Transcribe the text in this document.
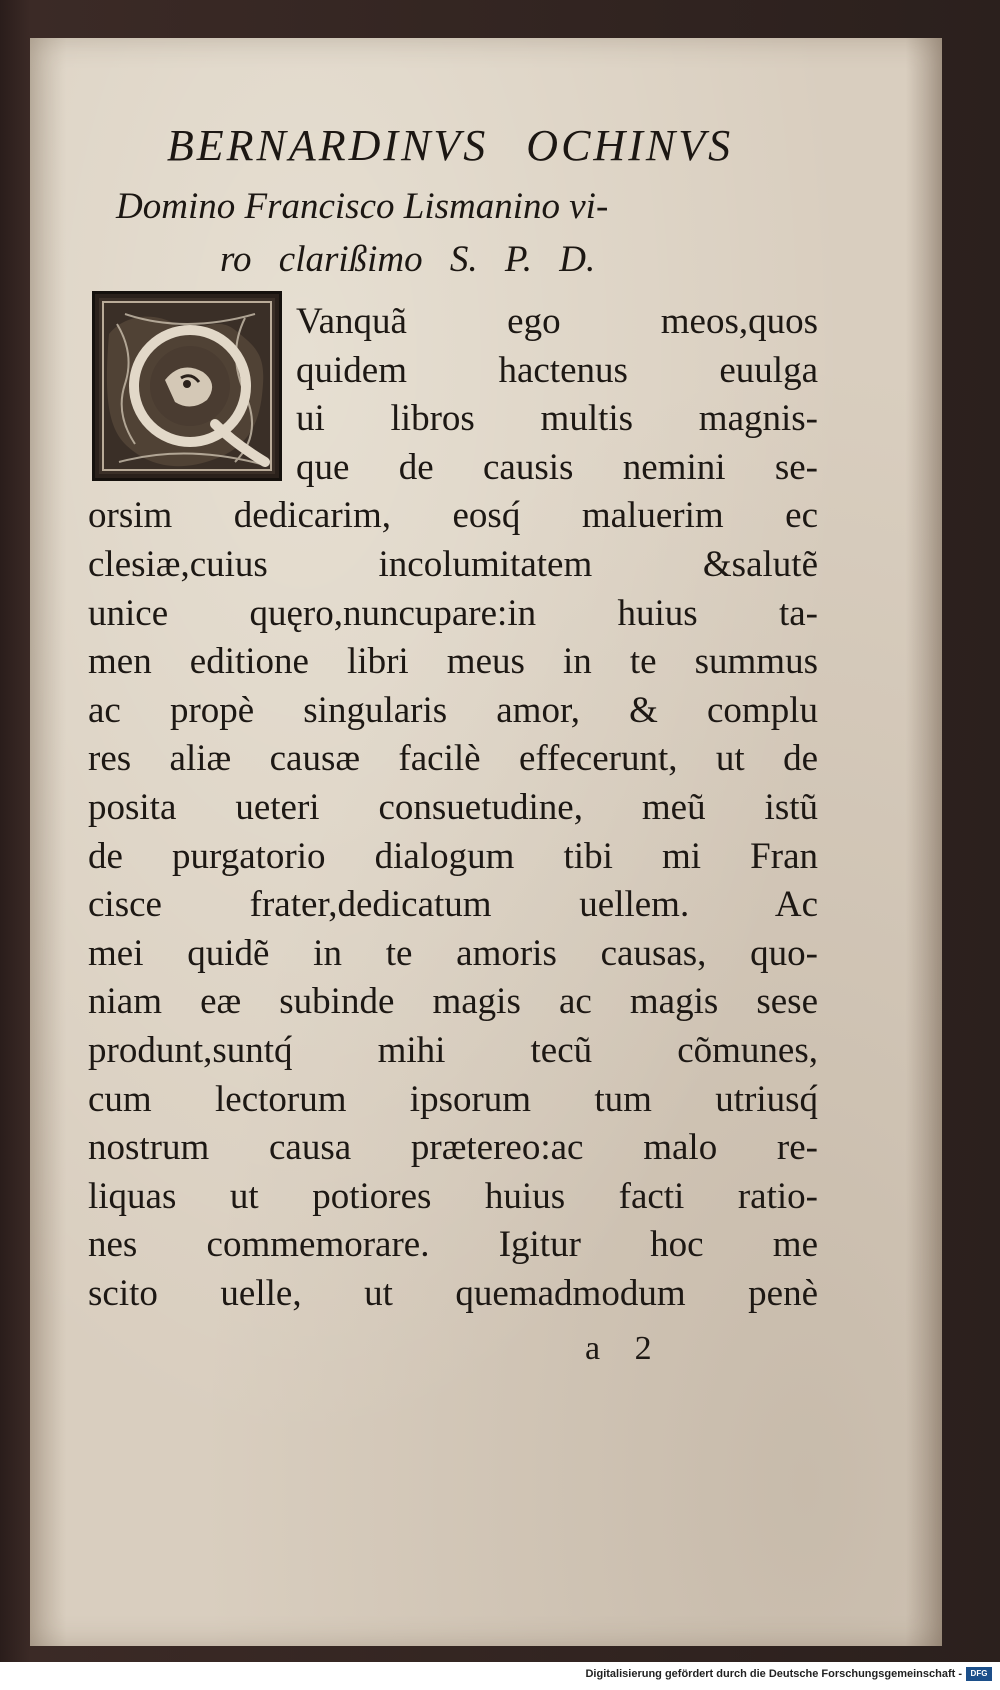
BERNARDINVS OCHINVS
Domino Francisco Lismanino vi-
ro clarißimo S. P. D.
Vanquã ego meos,quos
quidem hactenus euulga
ui libros multis magnis-
que de causis nemini se-
orsim dedicarim, eosq́ maluerim ec
clesiæ,cuius incolumitatem &salutẽ
unice quęro,nuncupare:in huius ta-
men editione libri meus in te summus
ac propè singularis amor, & complu
res aliæ causæ facilè effecerunt, ut de
posita ueteri consuetudine, meũ istũ
de purgatorio dialogum tibi mi Fran
cisce frater,dedicatum uellem. Ac
mei quidẽ in te amoris causas, quo-
niam eæ subinde magis ac magis sese
produnt,suntq́ mihi tecũ cõmunes,
cum lectorum ipsorum tum utriusq́
nostrum causa prætereo:ac malo re-
liquas ut potiores huius facti ratio-
nes commemorare. Igitur hoc me
scito uelle, ut quemadmodum penè
a 2
Digitalisierung gefördert durch die Deutsche Forschungsgemeinschaft -	DFG
